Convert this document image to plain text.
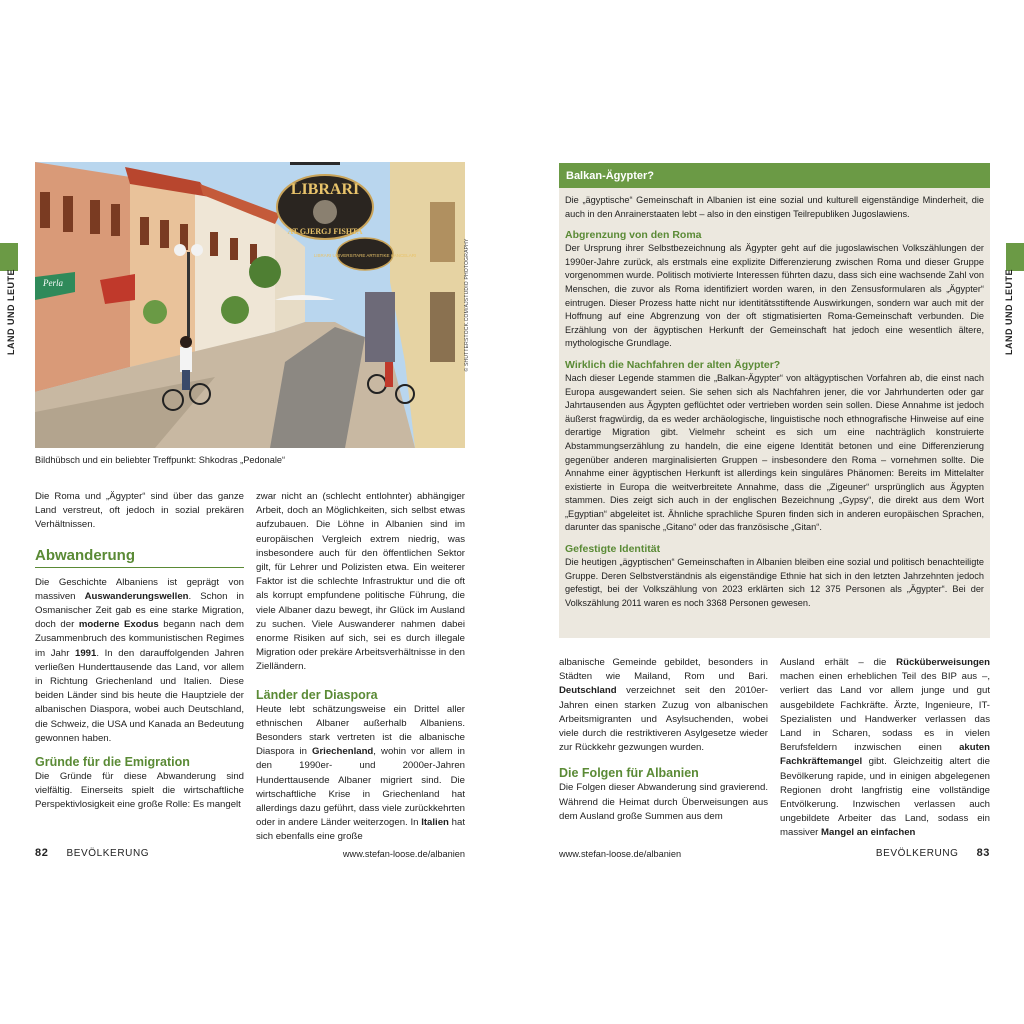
LAND UND LEUTE
LIBRARI
AT GJERGJ FISHTA
LIBRARI UNIVERSITARE ARTISTIKE KANCELARI
Perla	© SHUTTERSTOCK.COM/AJSTUDIO PHOTOGRAPHY
Bildhübsch und ein beliebter Treffpunkt: Shkodras „Pedonale“

Die Roma und „Ägypter“ sind über das ganze Land verstreut, oft jedoch in sozial prekären Verhältnissen.

Abwanderung

Die Geschichte Albaniens ist geprägt von massiven Auswanderungswellen. Schon in Osmanischer Zeit gab es eine starke Migration, doch der moderne Exodus begann nach dem Zusammenbruch des kommunistischen Regimes im Jahr 1991. In den darauffolgenden Jahren verließen Hunderttausende das Land, vor allem in Richtung Griechenland und Italien. Diese beiden Länder sind bis heute die Hauptziele der albanischen Diaspora, wobei auch Deutschland, die Schweiz, die USA und Kanada an Bedeutung gewonnen haben.

Gründe für die Emigration

Die Gründe für diese Abwanderung sind vielfältig. Einerseits spielt die wirtschaftliche Perspektivlosigkeit eine große Rolle: Es mangelt

zwar nicht an (schlecht entlohnter) abhängiger Arbeit, doch an Möglichkeiten, sich selbst etwas aufzubauen. Die Löhne in Albanien sind im europäischen Vergleich extrem niedrig, was insbesondere auch für den öffentlichen Sektor gilt, für Lehrer und Polizisten etwa. Ein weiterer Faktor ist die schlechte Infrastruktur und die oft als korrupt empfundene politische Führung, die viele Albaner dazu bewegt, ihr Glück im Ausland zu suchen. Viele Auswanderer nahmen dabei enorme Risiken auf sich, sei es durch illegale Migration oder prekäre Arbeitsverhältnisse in den Zielländern.

Länder der Diaspora

Heute lebt schätzungsweise ein Drittel aller ethnischen Albaner außerhalb Albaniens. Besonders stark vertreten ist die albanische Diaspora in Griechenland, wohin vor allem in den 1990er- und 2000er-Jahren Hunderttausende Albaner migriert sind. Die wirtschaftliche Krise in Griechenland hat allerdings dazu geführt, dass viele zurückkehrten oder in andere Länder weiterzogen. In Italien hat sich ebenfalls eine große

82 BEVÖLKERUNG	www.stefan-loose.de/albanien
LAND UND LEUTE
Balkan-Ägypter?

Die „ägyptische“ Gemeinschaft in Albanien ist eine sozial und kulturell eigenständige Minderheit, die auch in den Anrainerstaaten lebt – also in den einstigen Teilrepubliken Jugoslawiens.

Abgrenzung von den Roma

Der Ursprung ihrer Selbstbezeichnung als Ägypter geht auf die jugoslawischen Volkszählungen der 1990er-Jahre zurück, als erstmals eine explizite Differenzierung zwischen Roma und dieser Gruppe vorgenommen wurde. Politisch motivierte Interessen führten dazu, dass sich eine wachsende Zahl von Menschen, die zuvor als Roma identifiziert worden waren, in den Zensusformularen als „Ägypter“ eintrugen. Dieser Prozess hatte nicht nur identitätsstiftende Auswirkungen, sondern war auch mit der Hoffnung auf eine Abgrenzung von der oft stigmatisierten Roma-Gemeinschaft verbunden. Die Erzählung von der ägyptischen Herkunft der Gemeinschaft hat jedoch eine wesentlich ältere, mythologische Grundlage.

Wirklich die Nachfahren der alten Ägypter?

Nach dieser Legende stammen die „Balkan-Ägypter“ von altägyptischen Vorfahren ab, die einst nach Europa ausgewandert seien. Sie sehen sich als Nachfahren jener, die vor Jahrhunderten oder gar Jahrtausenden aus Ägypten geflüchtet oder vertrieben worden sein sollen. Diese Annahme ist jedoch äußerst fragwürdig, da es weder archäologische, linguistische noch ethnografische Hinweise auf eine derartige Migration gibt. Vielmehr scheint es sich um eine nachträglich konstruierte Abstammungserzählung zu handeln, die eine eigene Identität betonen und eine Differenzierung gegenüber anderen marginalisierten Gruppen – insbesondere den Roma – vornehmen sollte. Die Annahme einer ägyptischen Herkunft ist allerdings kein singuläres Phänomen: Bereits im Mittelalter existierte in Europa die weitverbreitete Annahme, dass die „Zigeuner“ ursprünglich aus Ägypten stammen. Dies zeigt sich auch in der englischen Bezeichnung „Gypsy“, die direkt aus dem Wort „Egyptian“ abgeleitet ist. Ähnliche sprachliche Spuren finden sich in anderen europäischen Sprachen, darunter das spanische „Gitano“ oder das französische „Gitan“.

Gefestigte Identität

Die heutigen „ägyptischen“ Gemeinschaften in Albanien bleiben eine sozial und politisch benachteiligte Gruppe. Deren Selbstverständnis als eigenständige Ethnie hat sich in den letzten Jahrzehnten jedoch gefestigt, bei der Volkszählung von 2023 erklärten sich 12 375 Personen als „Ägypter“. Bei der Volkszählung 2011 waren es noch 3368 Personen gewesen.

albanische Gemeinde gebildet, besonders in Städten wie Mailand, Rom und Bari. Deutschland verzeichnet seit den 2010er-Jahren einen starken Zuzug von albanischen Arbeitsmigranten und Asylsuchenden, wobei viele durch die restriktiveren Asylgesetze wieder zur Rückkehr gezwungen wurden.

Die Folgen für Albanien

Die Folgen dieser Abwanderung sind gravierend. Während die Heimat durch Überweisungen aus dem Ausland große Summen aus dem

Ausland erhält – die Rücküberweisungen machen einen erheblichen Teil des BIP aus –, verliert das Land vor allem junge und gut ausgebildete Fachkräfte. Ärzte, Ingenieure, IT-Spezialisten und Handwerker verlassen das Land in Scharen, sodass es in vielen Berufsfeldern inzwischen einen akuten Fachkräftemangel gibt. Gleichzeitig altert die Bevölkerung rapide, und in einigen abgelegenen Regionen droht langfristig eine vollständige Entvölkerung. Inzwischen verlassen auch ungebildete Arbeiter das Land, sodass ein massiver Mangel an einfachen

www.stefan-loose.de/albanien	BEVÖLKERUNG 83
